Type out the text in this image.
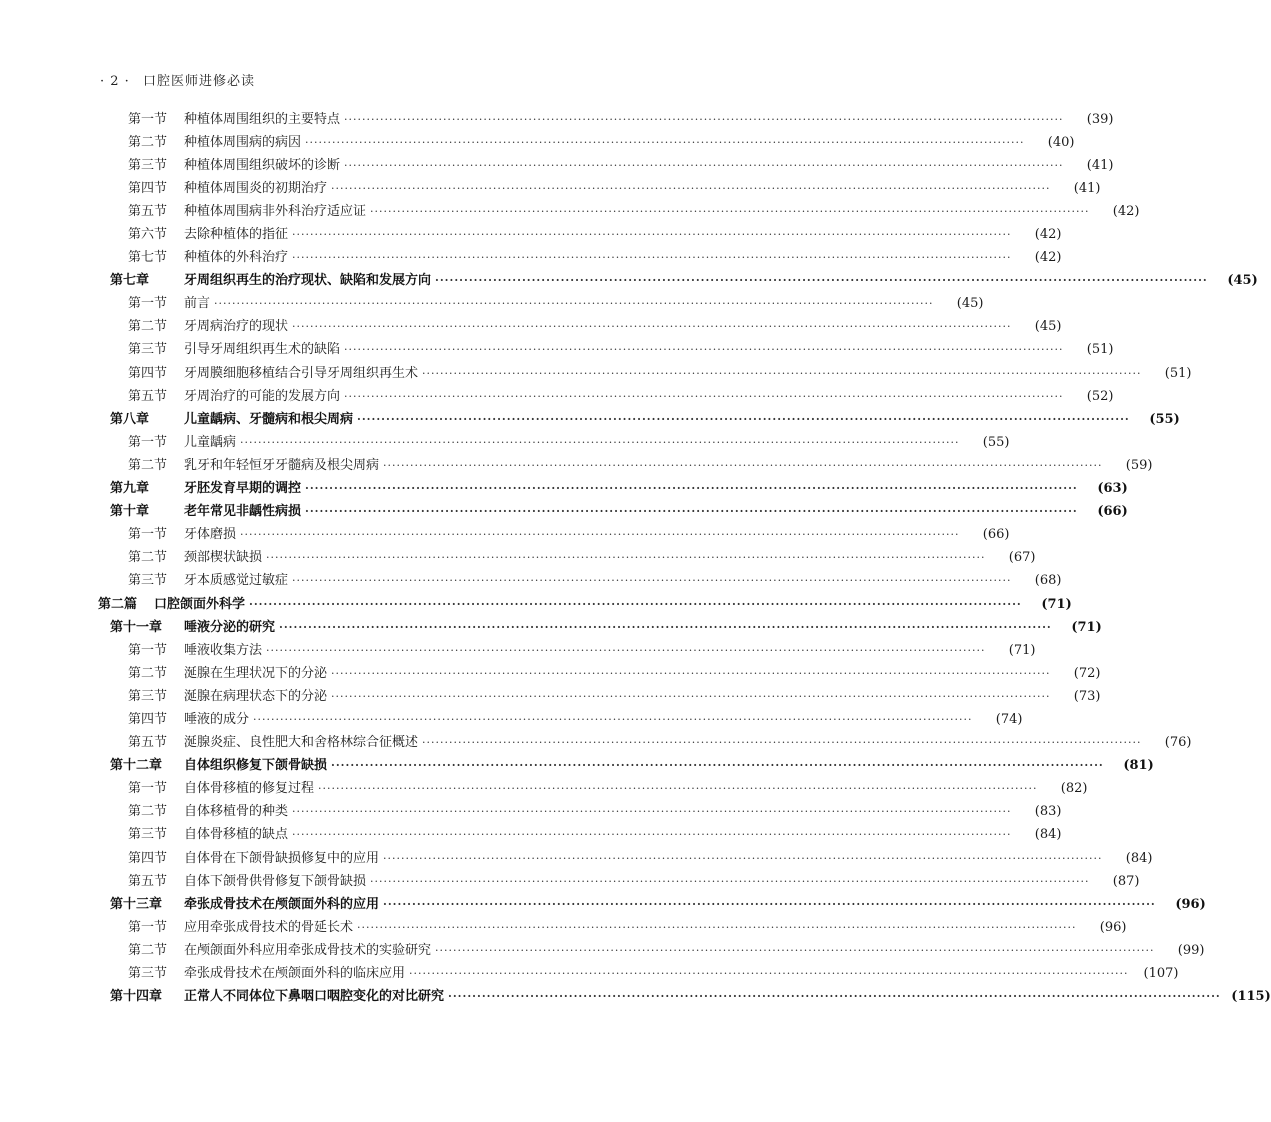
· 2 · 口腔医师进修必读
第一节	种植体周围组织的主要特点 ································································································································································	(39)
第二节	种植体周围病的病因 ································································································································································	(40)
第三节	种植体周围组织破坏的诊断 ································································································································································	(41)
第四节	种植体周围炎的初期治疗 ································································································································································	(41)
第五节	种植体周围病非外科治疗适应证 ································································································································································	(42)
第六节	去除种植体的指征 ································································································································································	(42)
第七节	种植体的外科治疗 ································································································································································	(42)
第七章	牙周组织再生的治疗现状、缺陷和发展方向 ································································································································································	(45)
第一节	前言 ································································································································································	(45)
第二节	牙周病治疗的现状 ································································································································································	(45)
第三节	引导牙周组织再生术的缺陷 ································································································································································	(51)
第四节	牙周膜细胞移植结合引导牙周组织再生术 ································································································································································	(51)
第五节	牙周治疗的可能的发展方向 ································································································································································	(52)
第八章	儿童龋病、牙髓病和根尖周病 ································································································································································	(55)
第一节	儿童龋病 ································································································································································	(55)
第二节	乳牙和年轻恒牙牙髓病及根尖周病 ································································································································································	(59)
第九章	牙胚发育早期的调控 ································································································································································	(63)
第十章	老年常见非龋性病损 ································································································································································	(66)
第一节	牙体磨损 ································································································································································	(66)
第二节	颈部楔状缺损 ································································································································································	(67)
第三节	牙本质感觉过敏症 ································································································································································	(68)
第二篇	口腔颌面外科学 ································································································································································	(71)
第十一章	唾液分泌的研究 ································································································································································	(71)
第一节	唾液收集方法 ································································································································································	(71)
第二节	涎腺在生理状况下的分泌 ································································································································································	(72)
第三节	涎腺在病理状态下的分泌 ································································································································································	(73)
第四节	唾液的成分 ································································································································································	(74)
第五节	涎腺炎症、良性肥大和舍格林综合征概述 ································································································································································	(76)
第十二章	自体组织修复下颌骨缺损 ································································································································································	(81)
第一节	自体骨移植的修复过程 ································································································································································	(82)
第二节	自体移植骨的种类 ································································································································································	(83)
第三节	自体骨移植的缺点 ································································································································································	(84)
第四节	自体骨在下颌骨缺损修复中的应用 ································································································································································	(84)
第五节	自体下颌骨供骨修复下颌骨缺损 ································································································································································	(87)
第十三章	牵张成骨技术在颅颌面外科的应用 ································································································································································	(96)
第一节	应用牵张成骨技术的骨延长术 ································································································································································	(96)
第二节	在颅颌面外科应用牵张成骨技术的实验研究 ································································································································································	(99)
第三节	牵张成骨技术在颅颌面外科的临床应用 ································································································································································	(107)
第十四章	正常人不同体位下鼻咽口咽腔变化的对比研究 ································································································································································ (115)
